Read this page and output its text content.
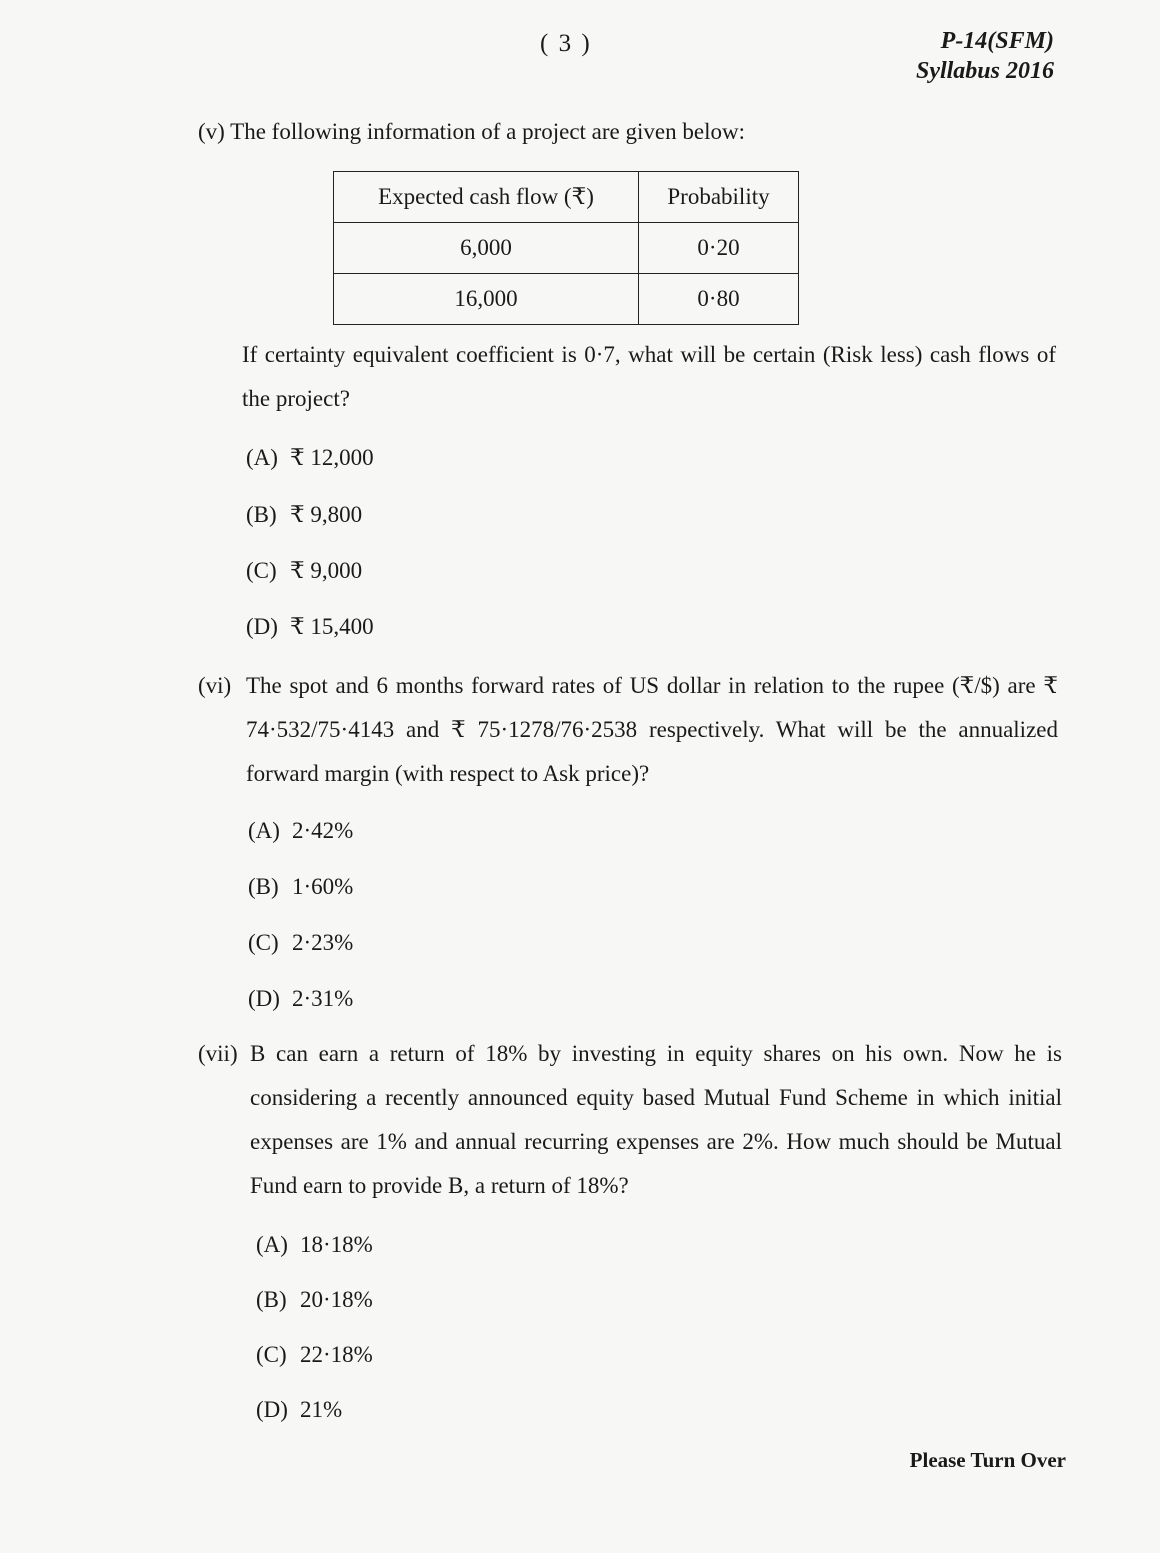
( 3 )	P-14(SFM)
Syllabus 2016
(v) The following information of a project are given below:
Expected cash flow (₹)	Probability
6,000	0·20
16,000	0·80
If certainty equivalent coefficient is 0·7, what will be certain (Risk less) cash flows of the project?
(A) ₹ 12,000
(B) ₹ 9,800
(C) ₹ 9,000
(D) ₹ 15,400
(vi) The spot and 6 months forward rates of US dollar in relation to the rupee (₹/$) are ₹ 74·532/75·4143 and ₹ 75·1278/76·2538 respectively. What will be the annualized forward margin (with respect to Ask price)?
(A) 2·42%
(B) 1·60%
(C) 2·23%
(D) 2·31%
(vii) B can earn a return of 18% by investing in equity shares on his own. Now he is considering a recently announced equity based Mutual Fund Scheme in which initial expenses are 1% and annual recurring expenses are 2%. How much should be Mutual Fund earn to provide B, a return of 18%?
(A) 18·18%
(B) 20·18%
(C) 22·18%
(D) 21%
Please Turn Over
